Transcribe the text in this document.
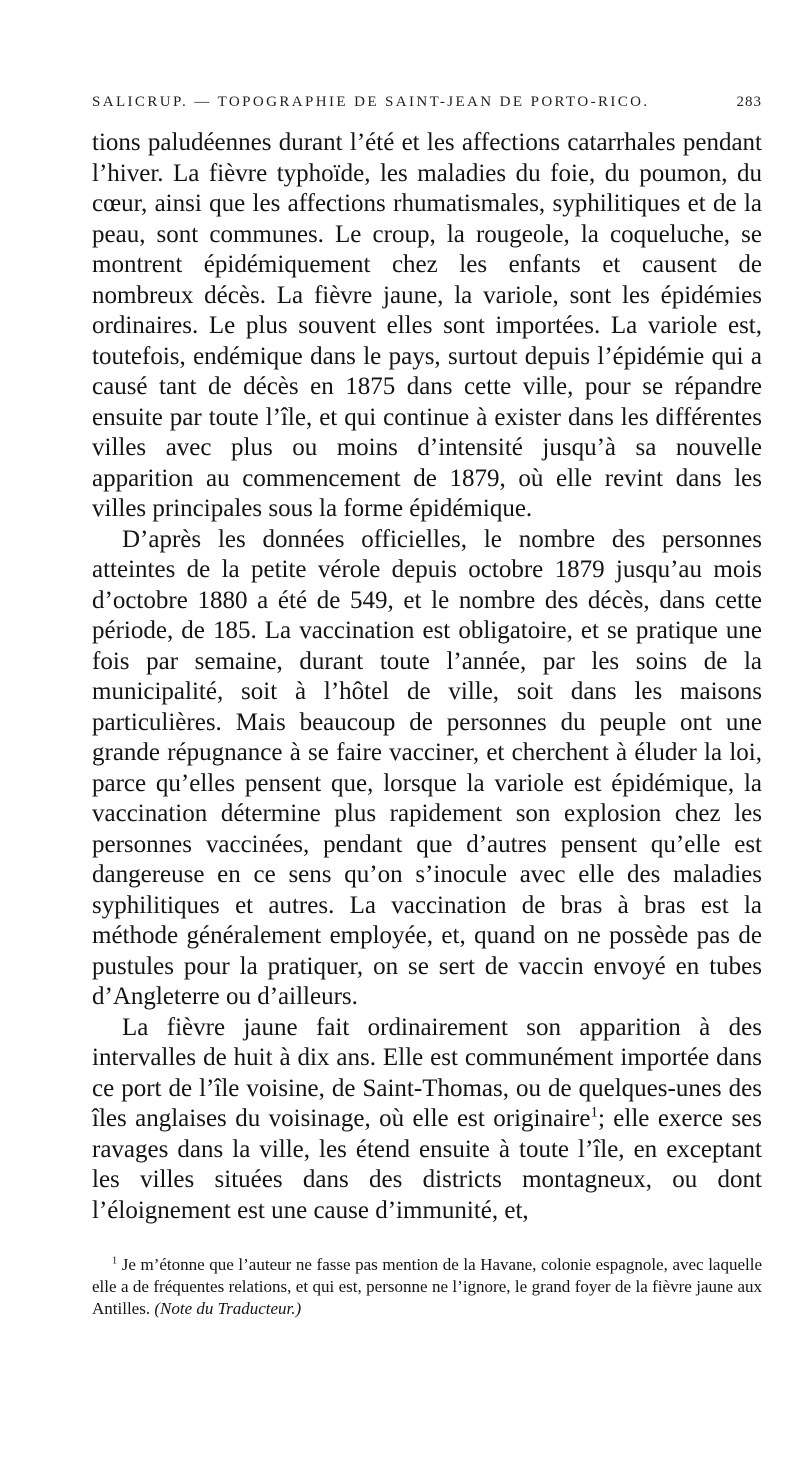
SALICRUP. — TOPOGRAPHIE DE SAINT-JEAN DE PORTO-RICO.	283

tions paludéennes durant l’été et les affections catarrhales pendant l’hiver. La fièvre typhoïde, les maladies du foie, du poumon, du cœur, ainsi que les affections rhumatismales, syphilitiques et de la peau, sont communes. Le croup, la rougeole, la coqueluche, se montrent épidémiquement chez les enfants et causent de nombreux décès. La fièvre jaune, la variole, sont les épidémies ordinaires. Le plus souvent elles sont importées. La variole est, toutefois, endémique dans le pays, surtout depuis l’épidémie qui a causé tant de décès en 1875 dans cette ville, pour se répandre ensuite par toute l’île, et qui continue à exister dans les différentes villes avec plus ou moins d’intensité jusqu’à sa nouvelle apparition au commencement de 1879, où elle revint dans les villes principales sous la forme épidémique.

D’après les données officielles, le nombre des personnes atteintes de la petite vérole depuis octobre 1879 jusqu’au mois d’octobre 1880 a été de 549, et le nombre des décès, dans cette période, de 185. La vaccination est obligatoire, et se pratique une fois par semaine, durant toute l’année, par les soins de la municipalité, soit à l’hôtel de ville, soit dans les maisons particulières. Mais beaucoup de personnes du peuple ont une grande répugnance à se faire vacciner, et cherchent à éluder la loi, parce qu’elles pensent que, lorsque la variole est épidémique, la vaccination détermine plus rapidement son explosion chez les personnes vaccinées, pendant que d’autres pensent qu’elle est dangereuse en ce sens qu’on s’inocule avec elle des maladies syphilitiques et autres. La vaccination de bras à bras est la méthode généralement employée, et, quand on ne possède pas de pustules pour la pratiquer, on se sert de vaccin envoyé en tubes d’Angleterre ou d’ailleurs.

La fièvre jaune fait ordinairement son apparition à des intervalles de huit à dix ans. Elle est communément importée dans ce port de l’île voisine, de Saint-Thomas, ou de quelques-unes des îles anglaises du voisinage, où elle est originaire$^1$; elle exerce ses ravages dans la ville, les étend ensuite à toute l’île, en exceptant les villes situées dans des districts montagneux, ou dont l’éloignement est une cause d’immunité, et,

$^1$ Je m’étonne que l’auteur ne fasse pas mention de la Havane, colonie espagnole, avec laquelle elle a de fréquentes relations, et qui est, personne ne l’ignore, le grand foyer de la fièvre jaune aux Antilles. (Note du Traducteur.)
